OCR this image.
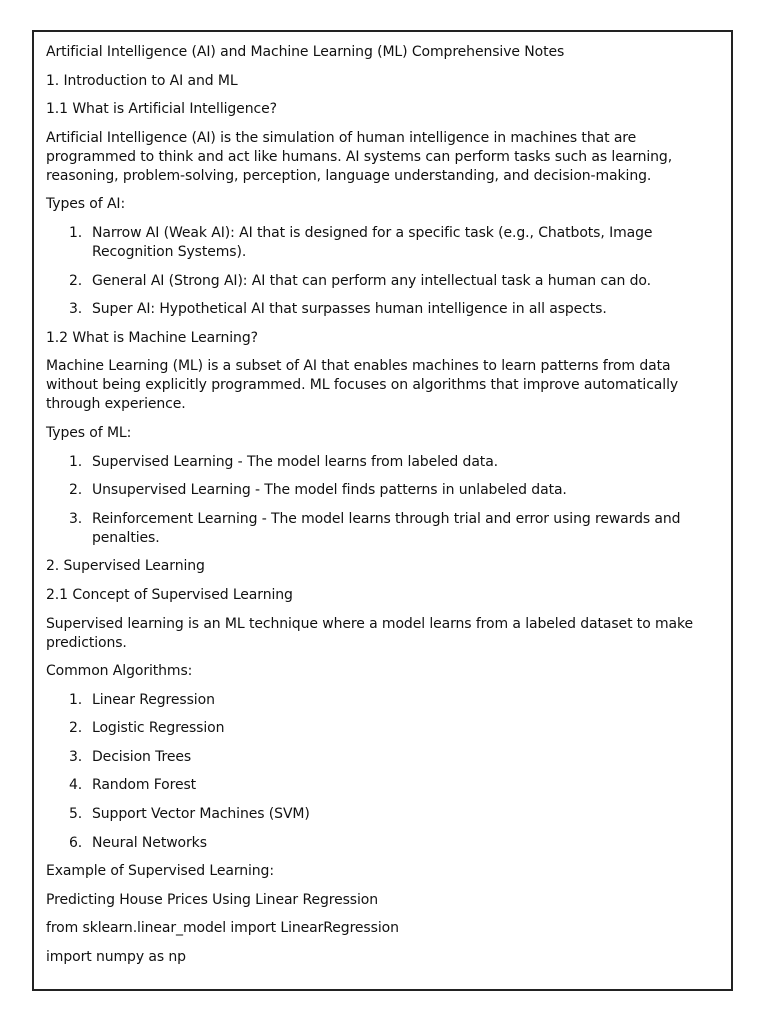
Artificial Intelligence (AI) and Machine Learning (ML) Comprehensive Notes

1. Introduction to AI and ML

1.1 What is Artificial Intelligence?

Artificial Intelligence (AI) is the simulation of human intelligence in machines that are programmed to think and act like humans. AI systems can perform tasks such as learning, reasoning, problem-solving, perception, language understanding, and decision-making.

Types of AI:

1. Narrow AI (Weak AI): AI that is designed for a specific task (e.g., Chatbots, Image Recognition Systems).
2. General AI (Strong AI): AI that can perform any intellectual task a human can do.
3. Super AI: Hypothetical AI that surpasses human intelligence in all aspects.

1.2 What is Machine Learning?

Machine Learning (ML) is a subset of AI that enables machines to learn patterns from data without being explicitly programmed. ML focuses on algorithms that improve automatically through experience.

Types of ML:

1. Supervised Learning - The model learns from labeled data.
2. Unsupervised Learning - The model finds patterns in unlabeled data.
3. Reinforcement Learning - The model learns through trial and error using rewards and penalties.

2. Supervised Learning

2.1 Concept of Supervised Learning

Supervised learning is an ML technique where a model learns from a labeled dataset to make predictions.

Common Algorithms:

1. Linear Regression
2. Logistic Regression
3. Decision Trees
4. Random Forest
5. Support Vector Machines (SVM)
6. Neural Networks

Example of Supervised Learning:

Predicting House Prices Using Linear Regression

from sklearn.linear_model import LinearRegression

import numpy as np
